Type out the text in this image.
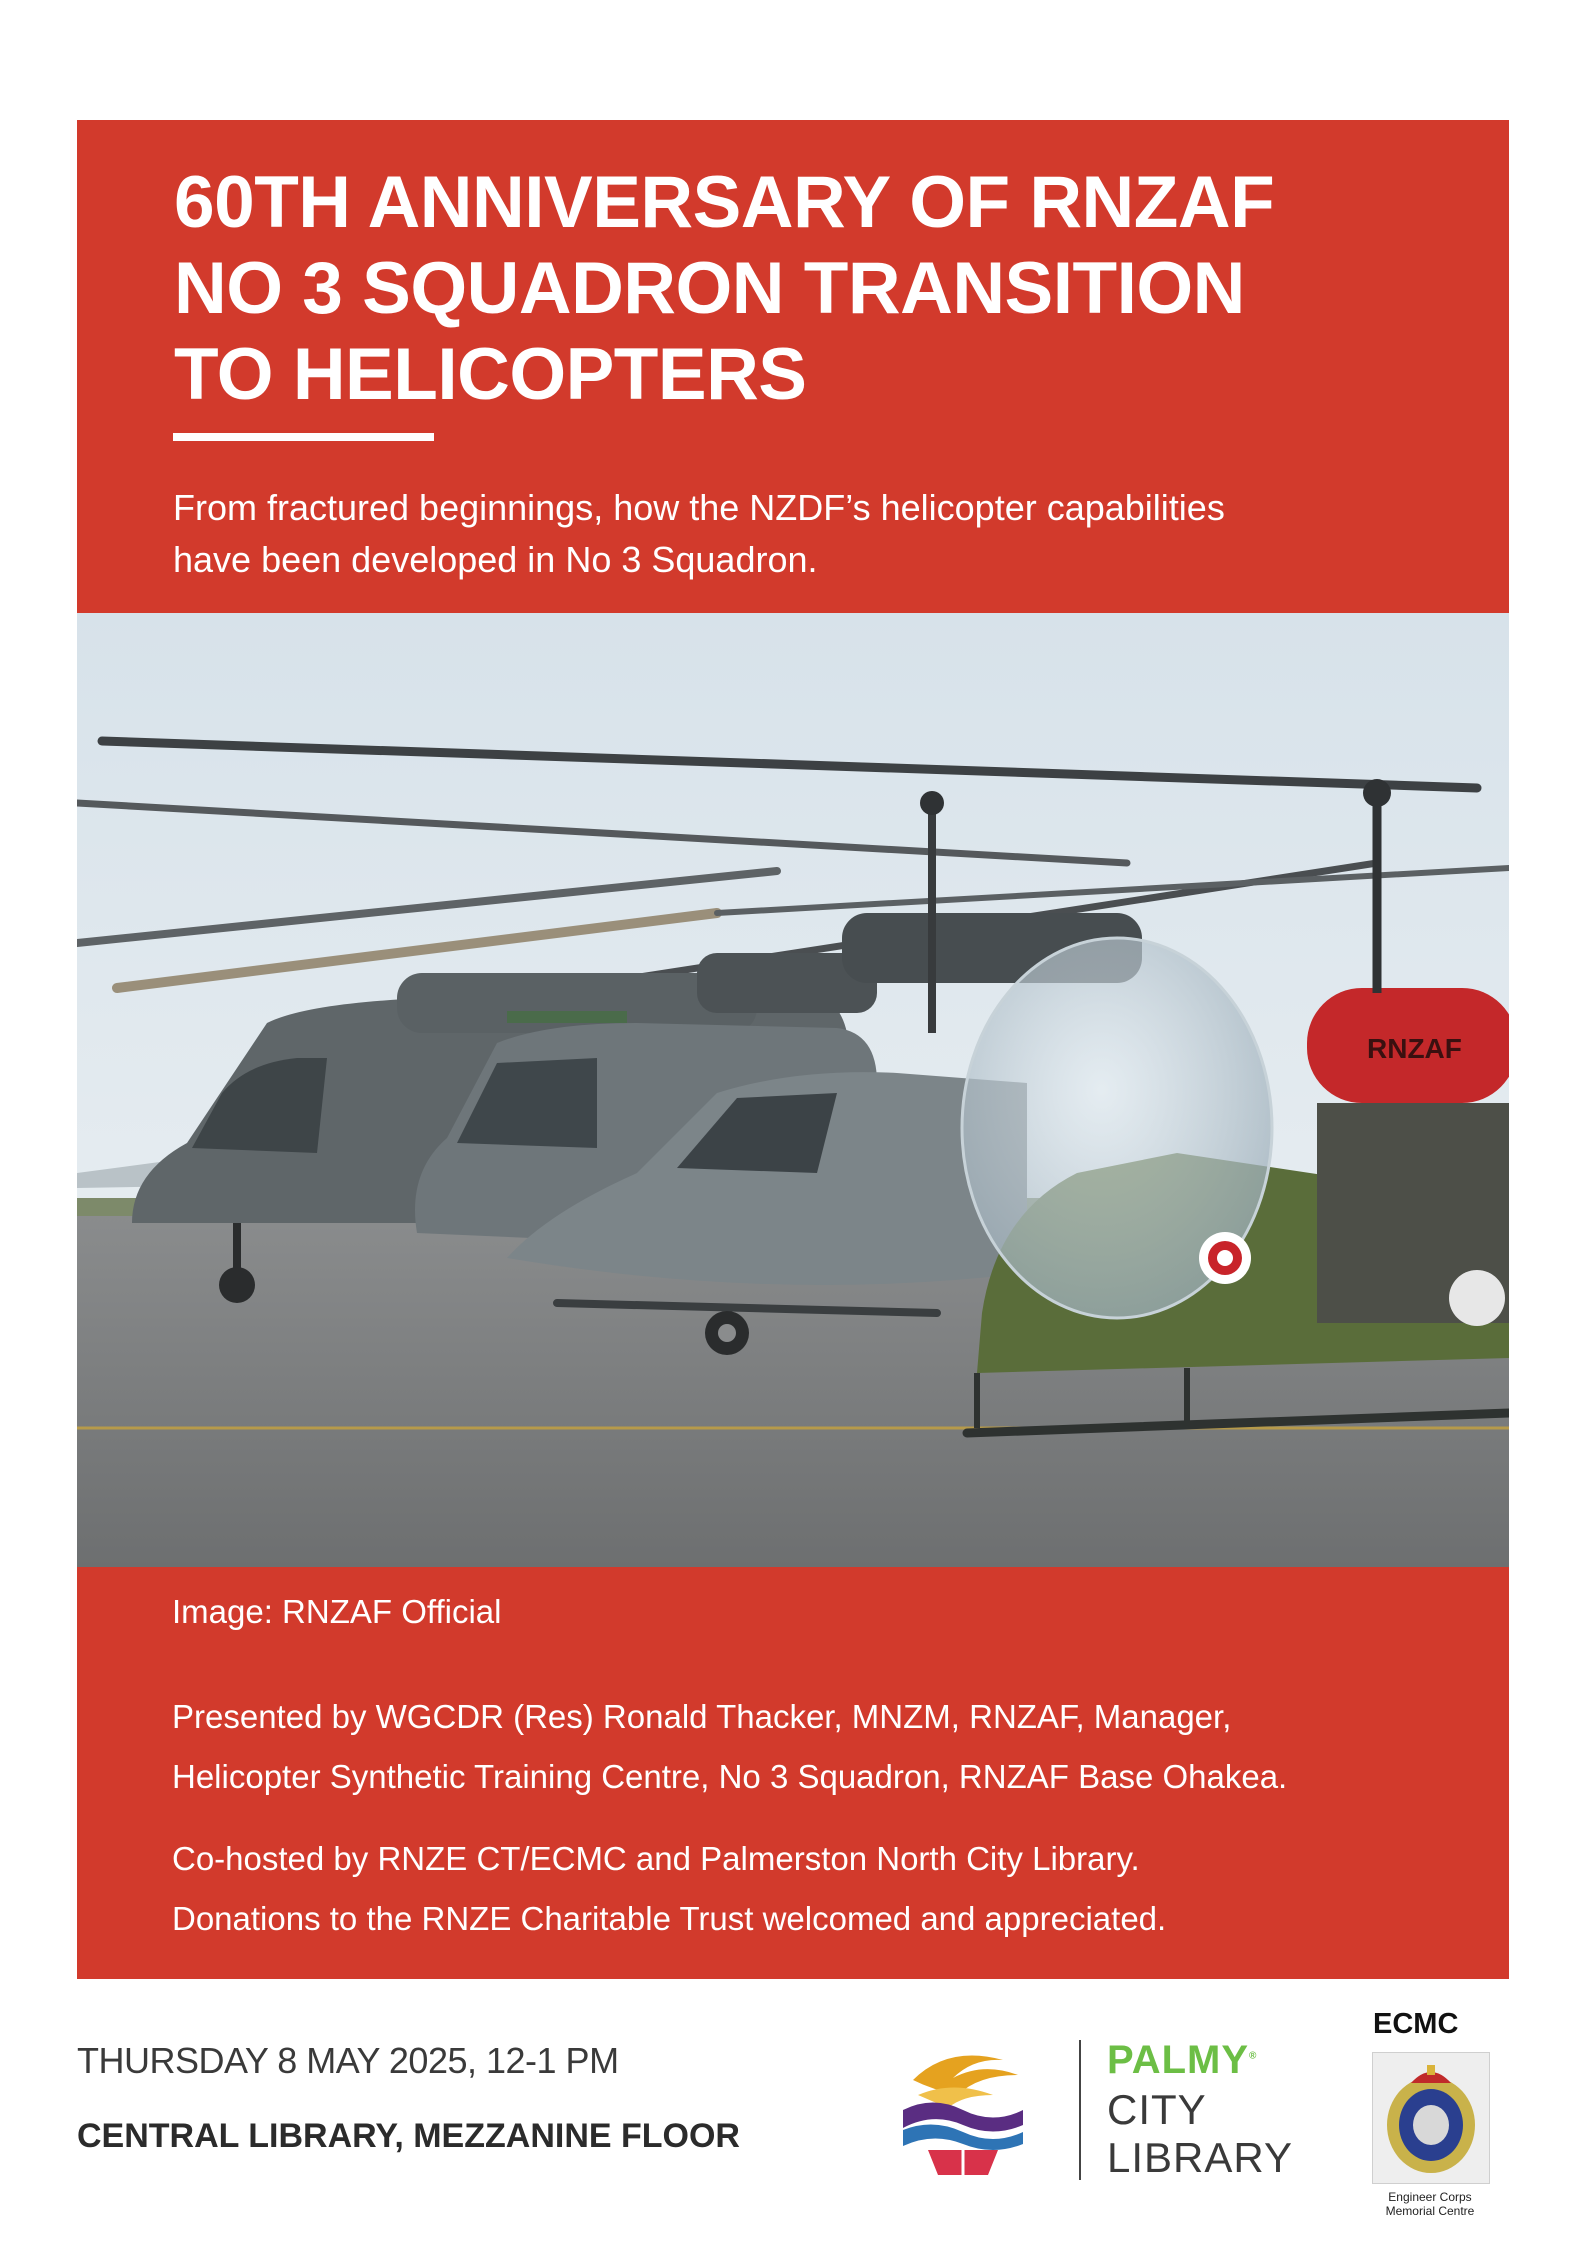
60TH ANNIVERSARY OF RNZAF
NO 3 SQUADRON TRANSITION
TO HELICOPTERS
From fractured beginnings, how the NZDF’s helicopter capabilities
have been developed in No 3 Squadron.
RNZAF
Image: RNZAF Official
Presented by WGCDR (Res) Ronald Thacker, MNZM, RNZAF, Manager,
Helicopter Synthetic Training Centre, No 3 Squadron, RNZAF Base Ohakea.
Co-hosted by RNZE CT/ECMC and Palmerston North City Library.
Donations to the RNZE Charitable Trust welcomed and appreciated.
THURSDAY 8 MAY 2025, 12-1 PM
CENTRAL LIBRARY, MEZZANINE FLOOR
PALMY®
CITY
LIBRARY
ECMC
Engineer Corps
Memorial Centre
